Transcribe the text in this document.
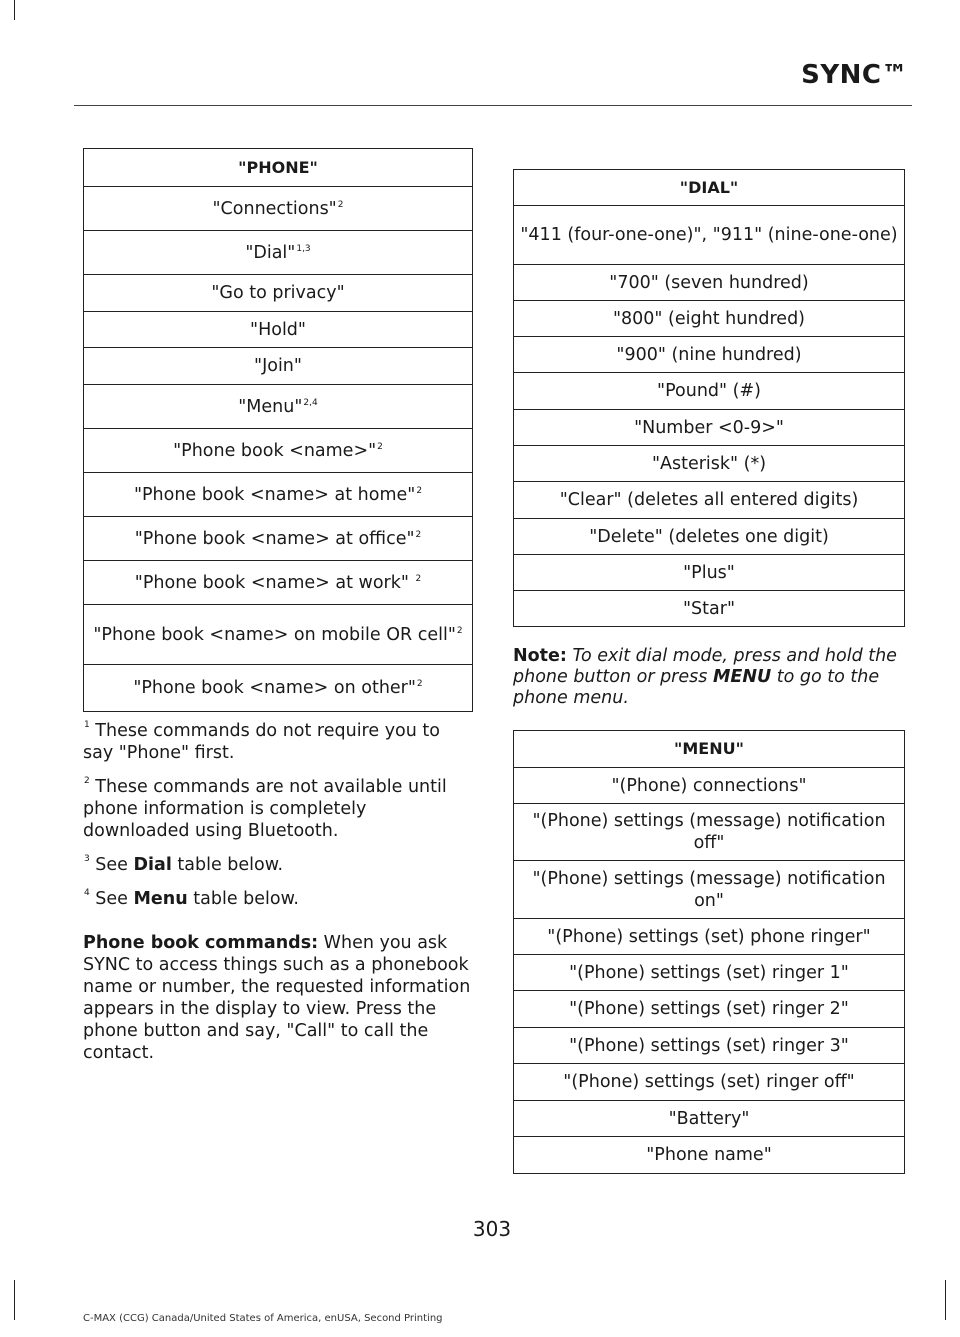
SYNC™
"PHONE"
"Connections"$^2$
"Dial"$^{1,3}$
"Go to privacy"
"Hold"
"Join"
"Menu"$^{2,4}$
"Phone book <name>"$^2$
"Phone book <name> at home"$^2$
"Phone book <name> at office"$^2$
"Phone book <name> at work" $^2$
"Phone book <name> on mobile OR cell"$^2$
"Phone book <name> on other"$^2$

$^1$ These commands do not require you to say "Phone" first.

$^2$ These commands are not available until phone information is completely downloaded using Bluetooth.

$^3$ See Dial table below.

$^4$ See Menu table below.

Phone book commands: When you ask SYNC to access things such as a phonebook name or number, the requested information appears in the display to view. Press the phone button and say, "Call" to call the contact.

"DIAL"
"411 (four-one-one)", "911" (nine-one-one)
"700" (seven hundred)
"800" (eight hundred)
"900" (nine hundred)
"Pound" (#)
"Number <0-9>"
"Asterisk" (*)
"Clear" (deletes all entered digits)
"Delete" (deletes one digit)
"Plus"
"Star"
Note: To exit dial mode, press and hold the phone button or press MENU to go to the phone menu.
"MENU"
"(Phone) connections"
"(Phone) settings (message) notification off"
"(Phone) settings (message) notification on"
"(Phone) settings (set) phone ringer"
"(Phone) settings (set) ringer 1"
"(Phone) settings (set) ringer 2"
"(Phone) settings (set) ringer 3"
"(Phone) settings (set) ringer off"
"Battery"
"Phone name"
303
C-MAX (CCG) Canada/United States of America, enUSA, Second Printing
